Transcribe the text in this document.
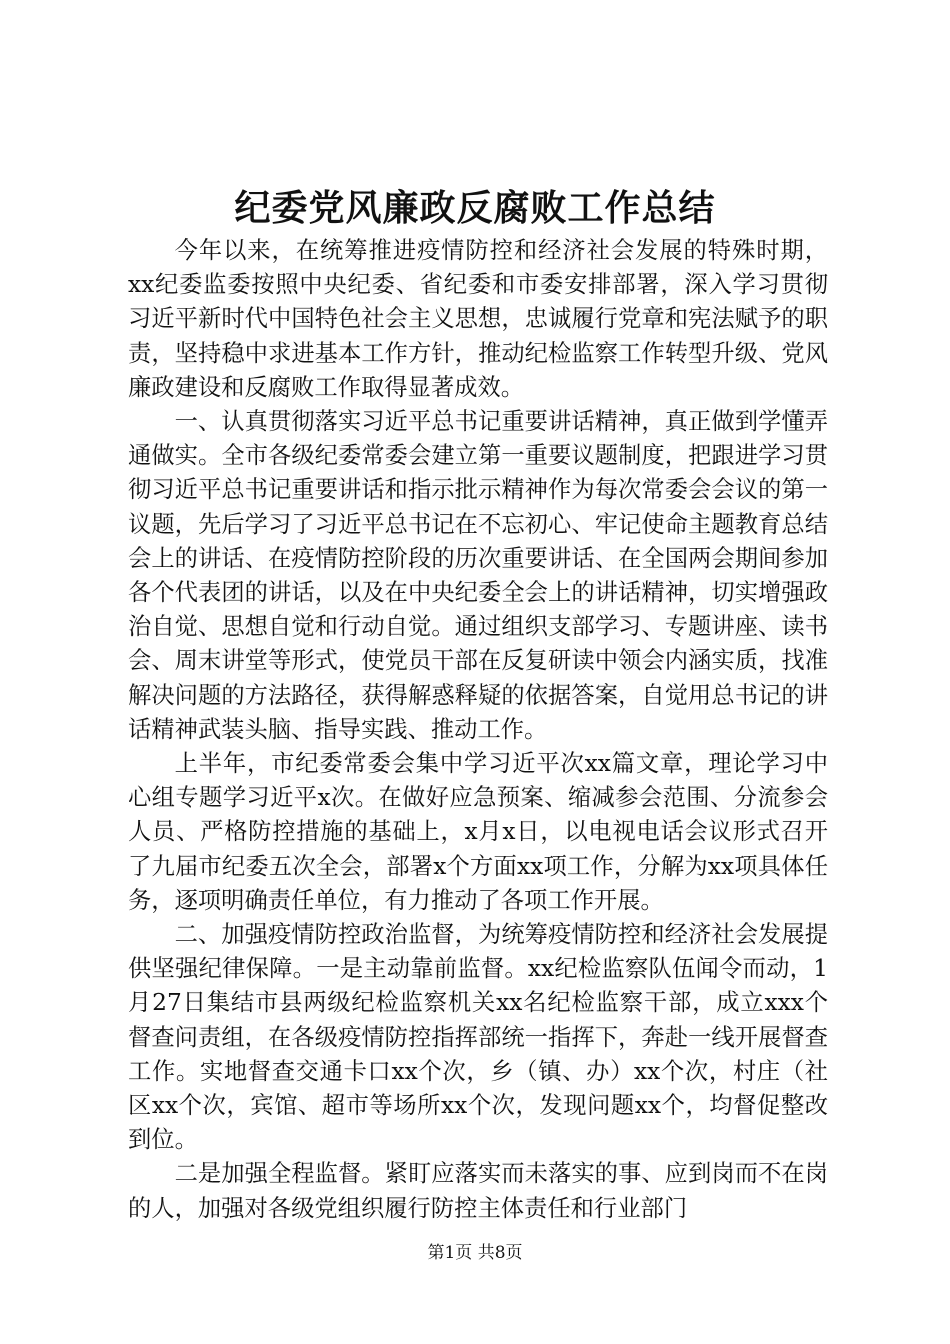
纪委党风廉政反腐败工作总结

今年以来，在统筹推进疫情防控和经济社会发展的特殊时期，xx纪委监委按照中央纪委、省纪委和市委安排部署，深入学习贯彻习近平新时代中国特色社会主义思想，忠诚履行党章和宪法赋予的职责，坚持稳中求进基本工作方针，推动纪检监察工作转型升级、党风廉政建设和反腐败工作取得显著成效。

一、认真贯彻落实习近平总书记重要讲话精神，真正做到学懂弄通做实。全市各级纪委常委会建立第一重要议题制度，把跟进学习贯彻习近平总书记重要讲话和指示批示精神作为每次常委会会议的第一议题，先后学习了习近平总书记在不忘初心、牢记使命主题教育总结会上的讲话、在疫情防控阶段的历次重要讲话、在全国两会期间参加各个代表团的讲话，以及在中央纪委全会上的讲话精神，切实增强政治自觉、思想自觉和行动自觉。通过组织支部学习、专题讲座、读书会、周末讲堂等形式，使党员干部在反复研读中领会内涵实质，找准解决问题的方法路径，获得解惑释疑的依据答案，自觉用总书记的讲话精神武装头脑、指导实践、推动工作。

上半年，市纪委常委会集中学习近平次xx篇文章，理论学习中心组专题学习近平x次。在做好应急预案、缩减参会范围、分流参会人员、严格防控措施的基础上，x月x日，以电视电话会议形式召开了九届市纪委五次全会，部署x个方面xx项工作，分解为xx项具体任务，逐项明确责任单位，有力推动了各项工作开展。

二、加强疫情防控政治监督，为统筹疫情防控和经济社会发展提供坚强纪律保障。一是主动靠前监督。xx纪检监察队伍闻令而动，1月27日集结市县两级纪检监察机关xx名纪检监察干部，成立xxx个督查问责组，在各级疫情防控指挥部统一指挥下，奔赴一线开展督查工作。实地督查交通卡口xx个次，乡（镇、办）xx个次，村庄（社区xx个次，宾馆、超市等场所xx个次，发现问题xx个，均督促整改到位。

二是加强全程监督。紧盯应落实而未落实的事、应到岗而不在岗的人，加强对各级党组织履行防控主体责任和行业部门

第1页 共8页
